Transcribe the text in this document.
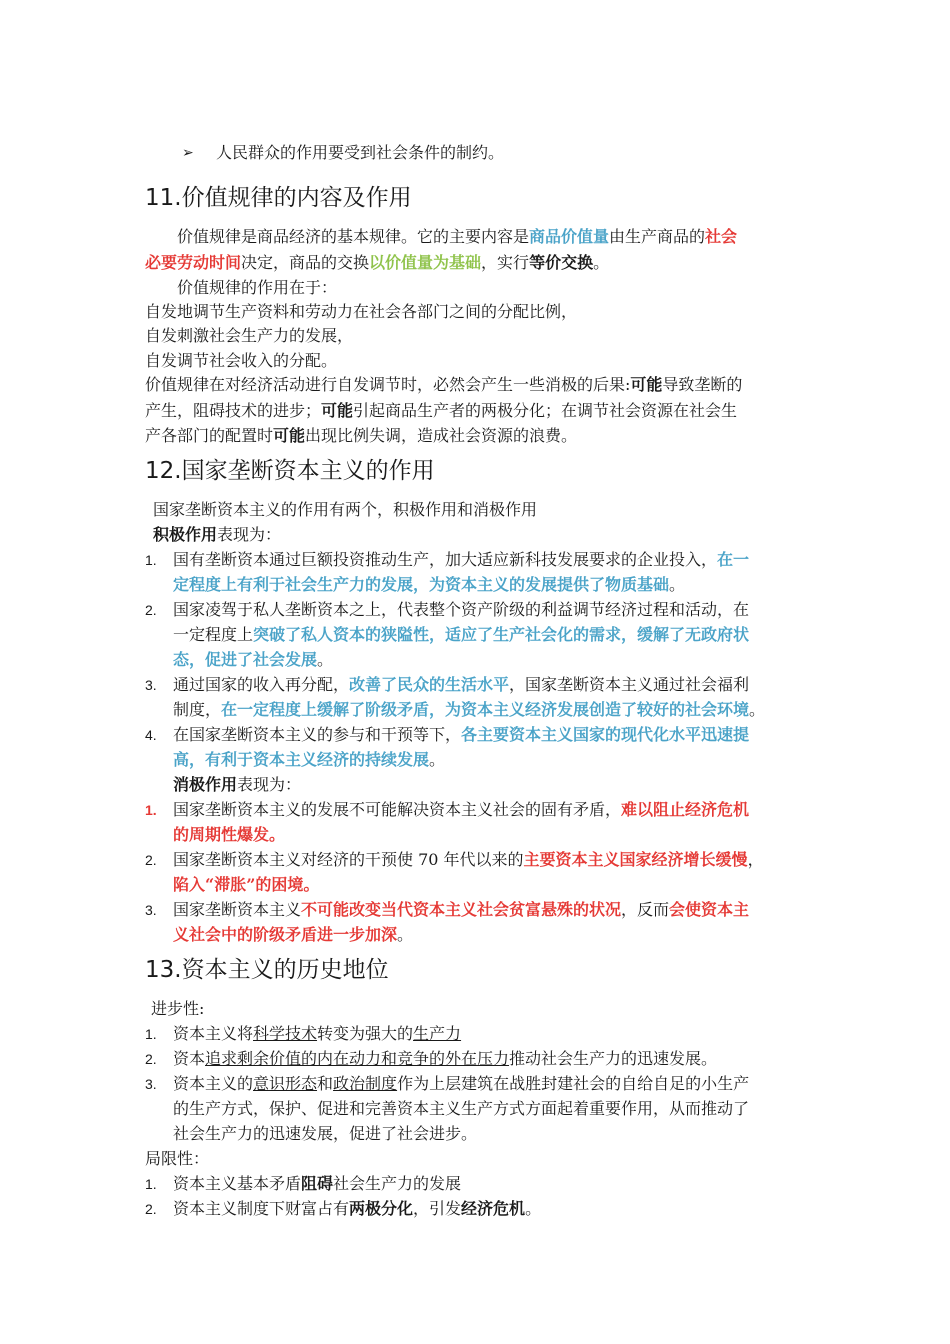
➢ 人民群众的作用要受到社会条件的制约。
11.价值规律的内容及作用
价值规律是商品经济的基本规律。它的主要内容是商品价值量由生产商品的社会
必要劳动时间决定，商品的交换以价值量为基础，实行等价交换。
价值规律的作用在于：
自发地调节生产资料和劳动力在社会各部门之间的分配比例，
自发刺激社会生产力的发展，
自发调节社会收入的分配。
价值规律在对经济活动进行自发调节时，必然会产生一些消极的后果:可能导致垄断的
产生，阻碍技术的进步；可能引起商品生产者的两极分化；在调节社会资源在社会生
产各部门的配置时可能出现比例失调，造成社会资源的浪费。
12.国家垄断资本主义的作用
国家垄断资本主义的作用有两个，积极作用和消极作用
积极作用表现为：
1. 国有垄断资本通过巨额投资推动生产，加大适应新科技发展要求的企业投入，在一
定程度上有利于社会生产力的发展，为资本主义的发展提供了物质基础。
2. 国家凌驾于私人垄断资本之上，代表整个资产阶级的利益调节经济过程和活动，在
一定程度上突破了私人资本的狭隘性，适应了生产社会化的需求，缓解了无政府状
态，促进了社会发展。
3. 通过国家的收入再分配，改善了民众的生活水平，国家垄断资本主义通过社会福利
制度，在一定程度上缓解了阶级矛盾，为资本主义经济发展创造了较好的社会环境。
4. 在国家垄断资本主义的参与和干预等下，各主要资本主义国家的现代化水平迅速提
高，有利于资本主义经济的持续发展。
消极作用表现为：
1. 国家垄断资本主义的发展不可能解决资本主义社会的固有矛盾，难以阻止经济危机
的周期性爆发。
2. 国家垄断资本主义对经济的干预使 70 年代以来的主要资本主义国家经济增长缓慢，
陷入“滞胀”的困境。
3. 国家垄断资本主义不可能改变当代资本主义社会贫富悬殊的状况，反而会使资本主
义社会中的阶级矛盾进一步加深。
13.资本主义的历史地位
进步性:
1. 资本主义将科学技术转变为强大的生产力
2. 资本追求剩余价值的内在动力和竞争的外在压力推动社会生产力的迅速发展。
3. 资本主义的意识形态和政治制度作为上层建筑在战胜封建社会的自给自足的小生产
的生产方式，保护、促进和完善资本主义生产方式方面起着重要作用，从而推动了
社会生产力的迅速发展，促进了社会进步。
局限性：
1. 资本主义基本矛盾阻碍社会生产力的发展
2. 资本主义制度下财富占有两极分化，引发经济危机。
